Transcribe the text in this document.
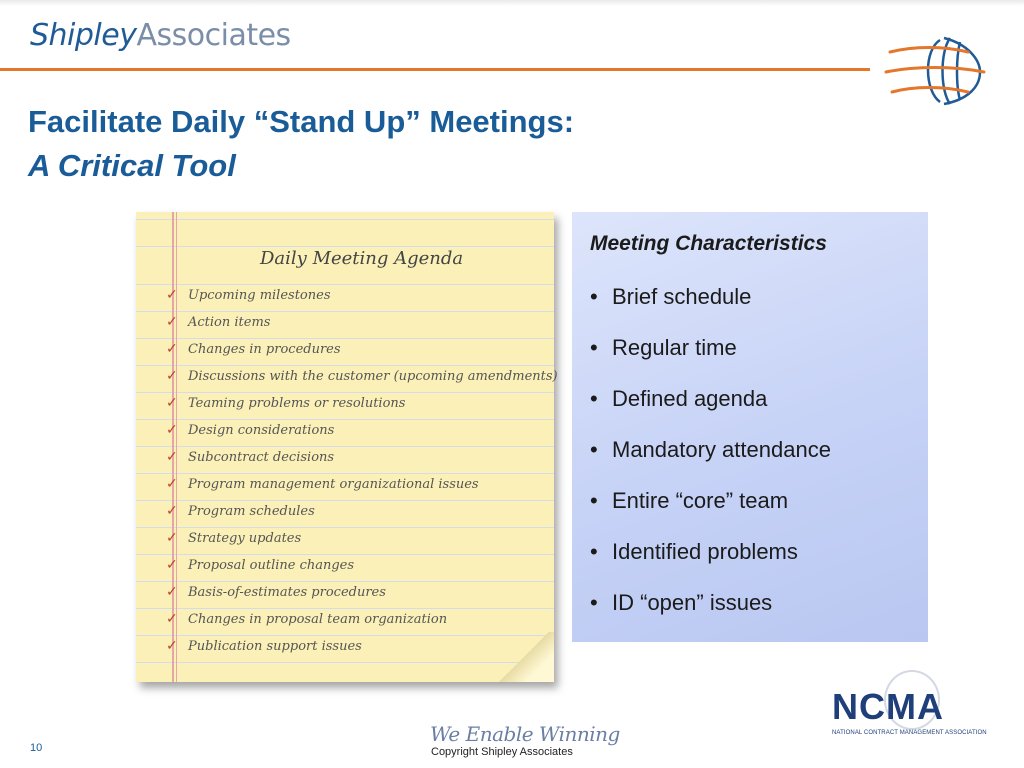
ShipleyAssociates
Facilitate Daily “Stand Up” Meetings:
A Critical Tool
Daily Meeting Agenda
✓ Upcoming milestones
✓ Action items
✓ Changes in procedures
✓ Discussions with the customer (upcoming amendments)
✓ Teaming problems or resolutions
✓ Design considerations
✓ Subcontract decisions
✓ Program management organizational issues
✓ Program schedules
✓ Strategy updates
✓ Proposal outline changes
✓ Basis-of-estimates procedures
✓ Changes in proposal team organization
✓ Publication support issues
Meeting Characteristics
• Brief schedule
• Regular time
• Defined agenda
• Mandatory attendance
• Entire “core” team
• Identified problems
• ID “open” issues
10
We Enable Winning
Copyright Shipley Associates
NCMA
NATIONAL CONTRACT MANAGEMENT ASSOCIATION
